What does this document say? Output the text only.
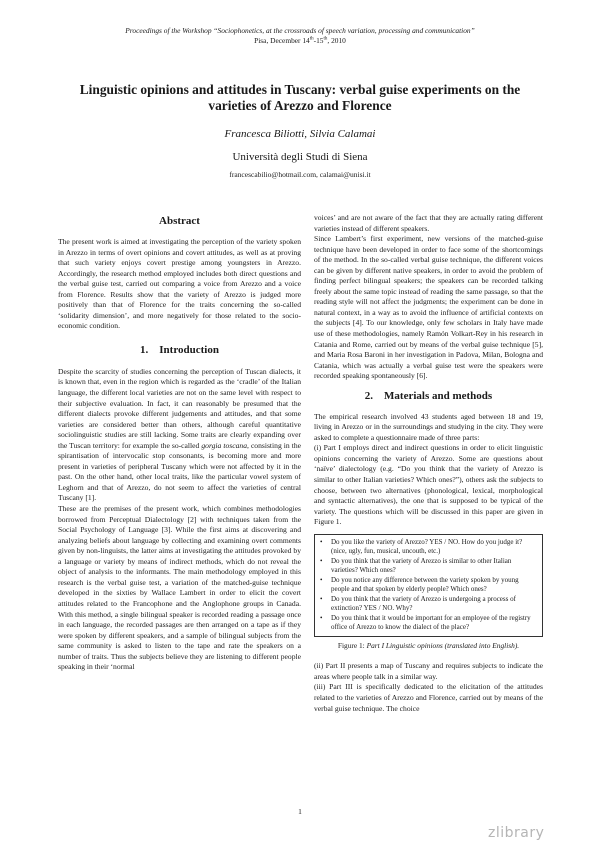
Proceedings of the Workshop “Sociophonetics, at the crossroads of speech variation, processing and communication”
Pisa, December 14th-15th, 2010
Linguistic opinions and attitudes in Tuscany: verbal guise experiments on the varieties of Arezzo and Florence
Francesca Biliotti, Silvia Calamai
Università degli Studi di Siena
francescabilio@hotmail.com, calamai@unisi.it
Abstract

The present work is aimed at investigating the perception of the variety spoken in Arezzo in terms of overt opinions and covert attitudes, as well as at proving that such variety enjoys covert prestige among youngsters in Arezzo. Accordingly, the research method employed includes both direct questions and the verbal guise test, carried out comparing a voice from Arezzo and a voice from Florence. Results show that the variety of Arezzo is judged more positively than that of Florence for the traits concerning the so-called ‘solidarity dimension’, and more negatively for those related to the socio-economic condition.

1. Introduction

Despite the scarcity of studies concerning the perception of Tuscan dialects, it is known that, even in the region which is regarded as the ‘cradle’ of the Italian language, the different local varieties are not on the same level with respect to their subjective evaluation. In fact, it can reasonably be presumed that the different dialects provoke different judgements and attitudes, and that some varieties are considered better than others, although careful quantitative sociolinguistic studies are still lacking. Some traits are clearly expanding over the Tuscan territory: for example the so-called gorgia toscana, consisting in the spirantisation of intervocalic stop consonants, is becoming more and more present in varieties of peripheral Tuscany which were not affected by it in the past. On the other hand, other local traits, like the particular vowel system of Leghorn and that of Arezzo, do not seem to affect the varieties of central Tuscany [1].

These are the premises of the present work, which combines methodologies borrowed from Perceptual Dialectology [2] with techniques taken from the Social Psychology of Language [3]. While the first aims at discovering and analyzing beliefs about language by collecting and examining overt comments given by non-linguists, the latter aims at investigating the attitudes provoked by a language or variety by means of indirect methods, which do not reveal the object of analysis to the informants. The main methodology employed in this research is the verbal guise test, a variation of the matched-guise technique developed in the sixties by Wallace Lambert in order to elicit the covert attitudes related to the Francophone and the Anglophone groups in Canada. With this method, a single bilingual speaker is recorded reading a passage once in each language, the recorded passages are then arranged on a tape as if they were spoken by different speakers, and a sample of bilingual subjects from the same community is asked to listen to the tape and rate the speakers on a number of traits. Thus the subjects believe they are listening to different people speaking in their ‘normal

voices’ and are not aware of the fact that they are actually rating different varieties instead of different speakers.

Since Lambert’s first experiment, new versions of the matched-guise technique have been developed in order to face some of the shortcomings of the method. In the so-called verbal guise technique, the different voices can be given by different native speakers, in order to avoid the problem of finding perfect bilingual speakers; the speakers can be recorded talking freely about the same topic instead of reading the same passage, so that the reading style will not affect the judgments; the experiment can be done in natural context, in a way as to avoid the influence of artificial contexts on the subjects [4]. To our knowledge, only few scholars in Italy have made use of these methodologies, namely Ramón Volkart-Rey in his research in Catania and Rome, carried out by means of the verbal guise technique [5], and Maria Rosa Baroni in her investigation in Padova, Milan, Bologna and Catania, which was actually a verbal guise test were the speakers were recorded speaking spontaneously [6].

2. Materials and methods

The empirical research involved 43 students aged between 18 and 19, living in Arezzo or in the surroundings and studying in the city. They were asked to complete a questionnaire made of three parts:

(i) Part I employs direct and indirect questions in order to elicit linguistic opinions concerning the variety of Arezzo. Some are questions about ‘naïve’ dialectology (e.g. “Do you think that the variety of Arezzo is similar to other Italian varieties? Which ones?”), others ask the subjects to choose, between two alternatives (phonological, lexical, morphological and syntactic alternatives), the one that is supposed to be typical of the variety. The questions which will be discussed in this paper are given in Figure 1.

• Do you like the variety of Arezzo? YES / NO. How do you judge it? (nice, ugly, fun, musical, uncouth, etc.)
• Do you think that the variety of Arezzo is similar to other Italian varieties? Which ones?
• Do you notice any difference between the variety spoken by young people and that spoken by elderly people? Which ones?
• Do you think that the variety of Arezzo is undergoing a process of extinction? YES / NO. Why?
• Do you think that it would be important for an employee of the registry office of Arezzo to know the dialect of the place?
Figure 1: Part I Linguistic opinions (translated into English).

(ii) Part II presents a map of Tuscany and requires subjects to indicate the areas where people talk in a similar way.

(iii) Part III is specifically dedicated to the elicitation of the attitudes related to the varieties of Arezzo and Florence, carried out by means of the verbal guise technique. The choice

1
zlibrary
